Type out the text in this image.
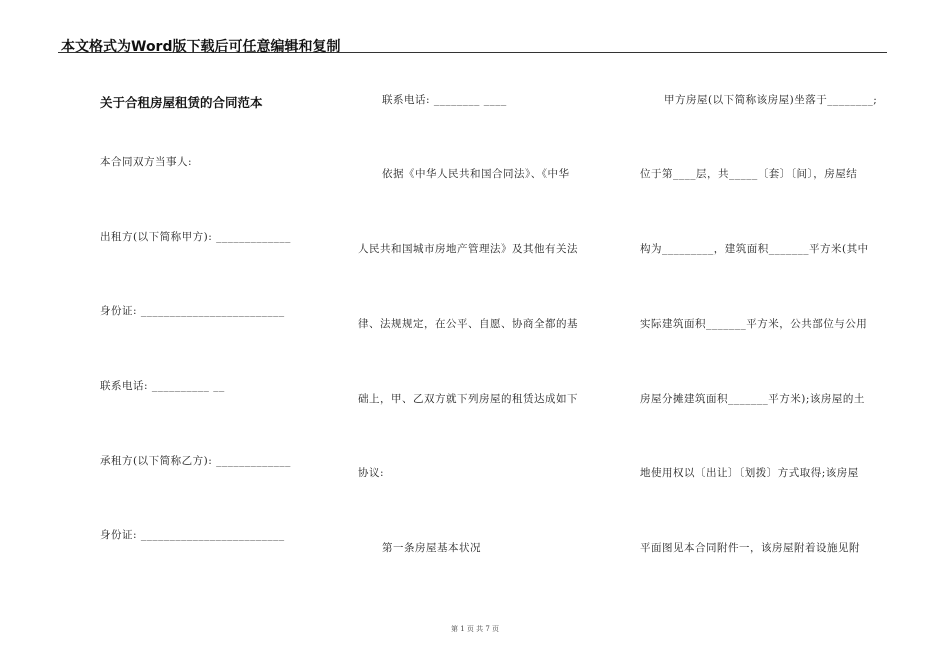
本文格式为Word版下载后可任意编辑和复制
关于合租房屋租赁的合同范本
本合同双方当事人:
出租方(以下简称甲方): _____________
身份证: _________________________
联系电话: __________ __
承租方(以下简称乙方): _____________
身份证: _________________________
联系电话: ________ ____
依据《中华人民共和国合同法》、《中华
人民共和国城市房地产管理法》及其他有关法
律、法规规定，在公平、自愿、协商全都的基
础上，甲、乙双方就下列房屋的租赁达成如下
协议:
第一条房屋基本状况
甲方房屋(以下简称该房屋)坐落于________;
位于第____层，共_____〔套〕〔间〕，房屋结
构为_________，建筑面积_______平方米(其中
实际建筑面积_______平方米，公共部位与公用
房屋分摊建筑面积_______平方米);该房屋的土
地使用权以〔出让〕〔划拨〕方式取得;该房屋
平面图见本合同附件一，该房屋附着设施见附
第 1 页 共 7 页
